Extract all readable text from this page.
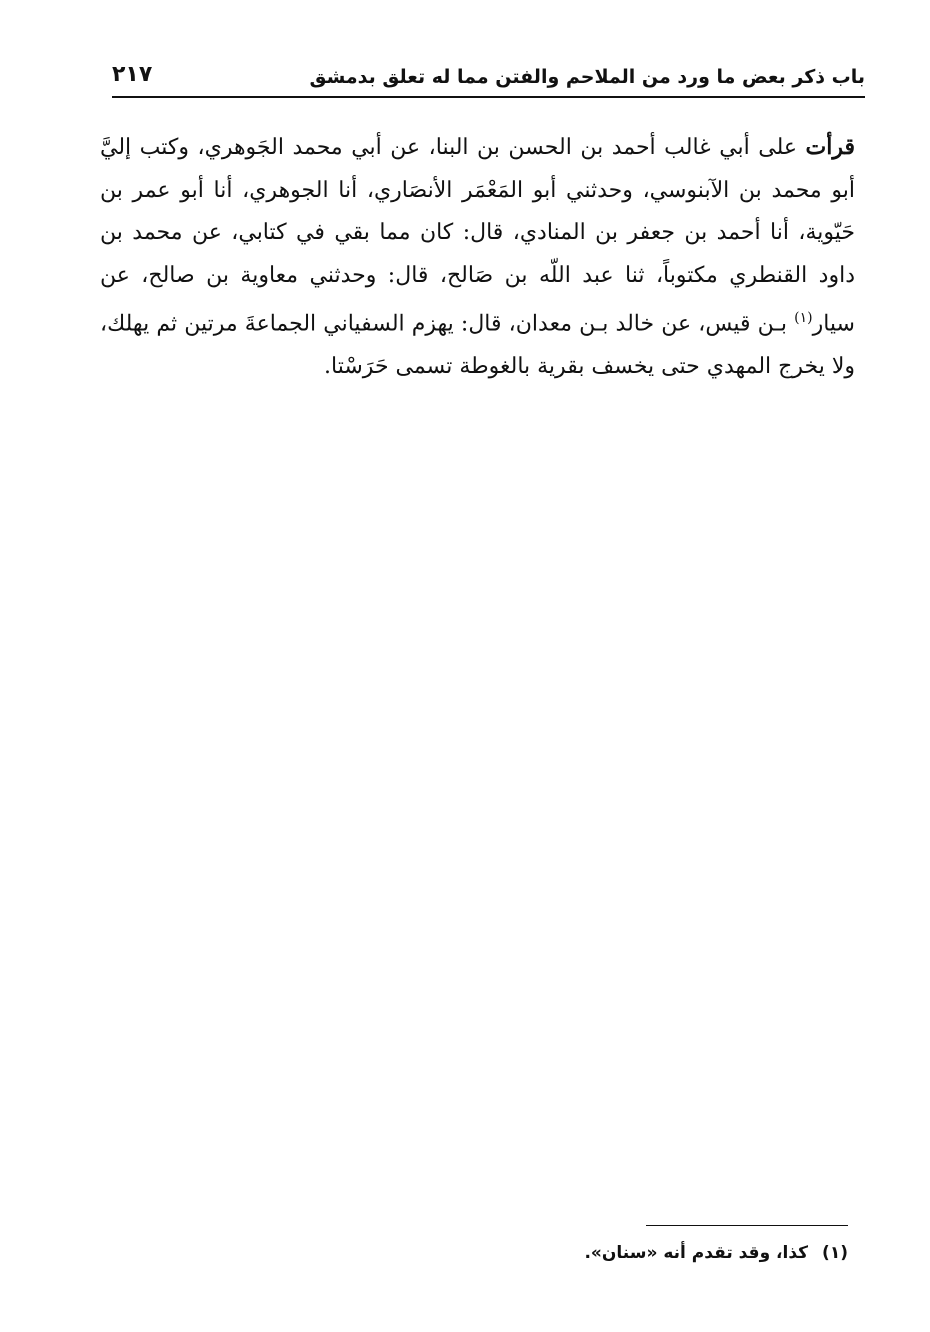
باب ذكر بعض ما ورد من الملاحم والفتن مما له تعلق بدمشق
٢١٧
قرأت على أبي غالب أحمد بن الحسن بن البنا، عن أبي محمد الجَوهري، وكتب إليَّ أبو محمد بن الآبنوسي، وحدثني أبو المَعْمَر الأنصَاري، أنا الجوهري، أنا أبو عمر بن حَيّوية، أنا أحمد بن جعفر بن المنادي، قال: كان مما بقي في كتابي، عن محمد بن داود القنطري مكتوباً، ثنا عبد اللّه بن صَالح، قال: وحدثني معاوية بن صالح، عن سيار$^{(١)}$ بـن قيس، عن خالد بـن معدان، قال: يهزم السفياني الجماعةَ مرتين ثم يهلك، ولا يخرج المهدي حتى يخسف بقرية بالغوطة تسمى حَرَسْتا.
(١)كذا، وقد تقدم أنه «سنان».
